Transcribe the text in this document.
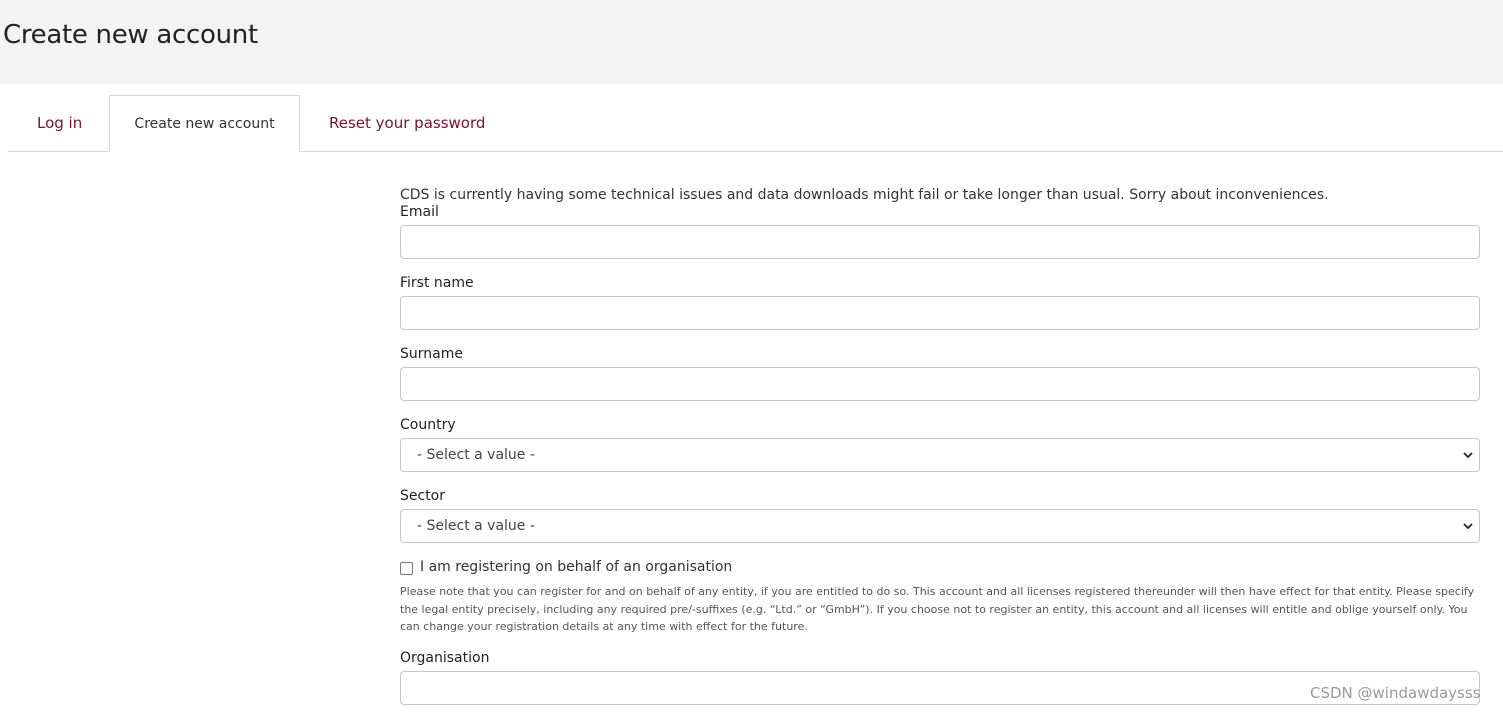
Create new account
Log in	Create new account	Reset your password
CDS is currently having some technical issues and data downloads might fail or take longer than usual. Sorry about inconveniences.
Email
First name
Surname
Country
- Select a value -
Sector
- Select a value -
I am registering on behalf of an organisation
Please note that you can register for and on behalf of any entity, if you are entitled to do so. This account and all licenses registered thereunder will then have effect for that entity. Please specify the legal entity precisely, including any required pre/-suffixes (e.g. “Ltd.” or “GmbH”). If you choose not to register an entity, this account and all licenses will entitle and oblige yourself only. You can change your registration details at any time with effect for the future.
Organisation
CSDN @windawdaysss
